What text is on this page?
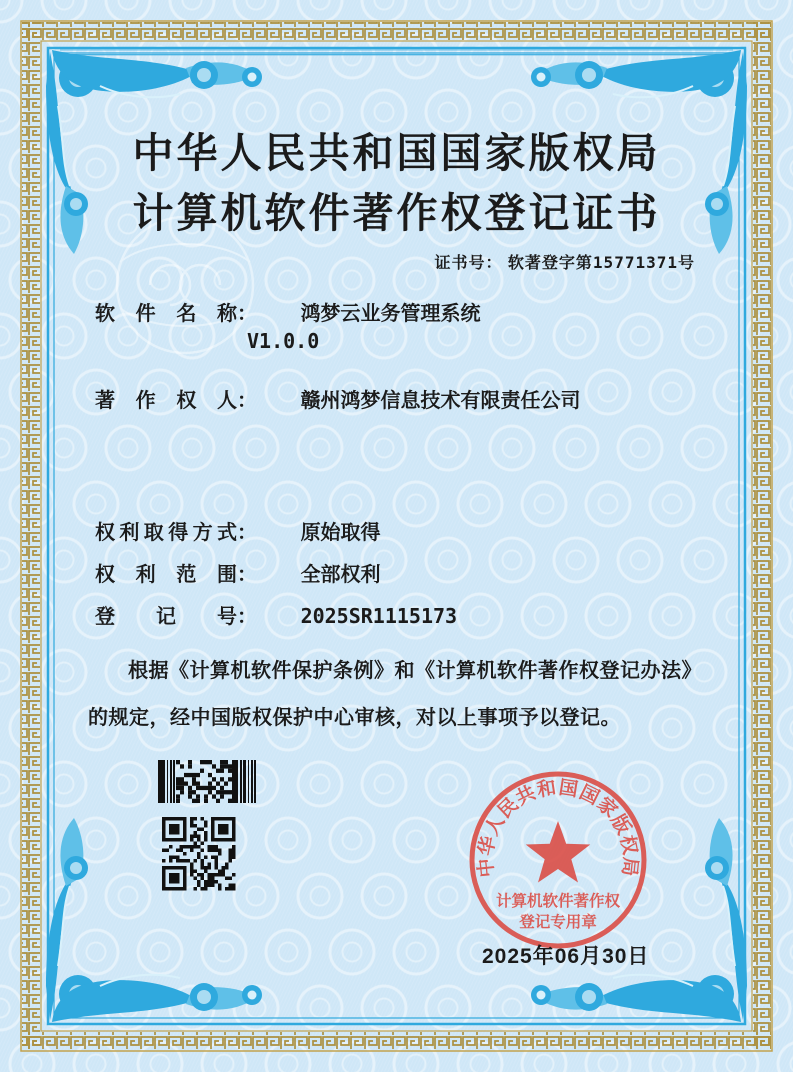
中华人民共和国国家版权局
计算机软件著作权登记证书
证书号： 软著登字第15771371号
软件名称： 鸿梦云业务管理系统
V1.0.0
著作权人： 赣州鸿梦信息技术有限责任公司
权利取得方式： 原始取得
权利范围： 全部权利
登记号： 2025SR1115173
根据《计算机软件保护条例》和《计算机软件著作权登记办法》的规定，经中国版权保护中心审核，对以上事项予以登记。
中华人民共和国国家版权局
计算机软件著作权
登记专用章
2025年06月30日
